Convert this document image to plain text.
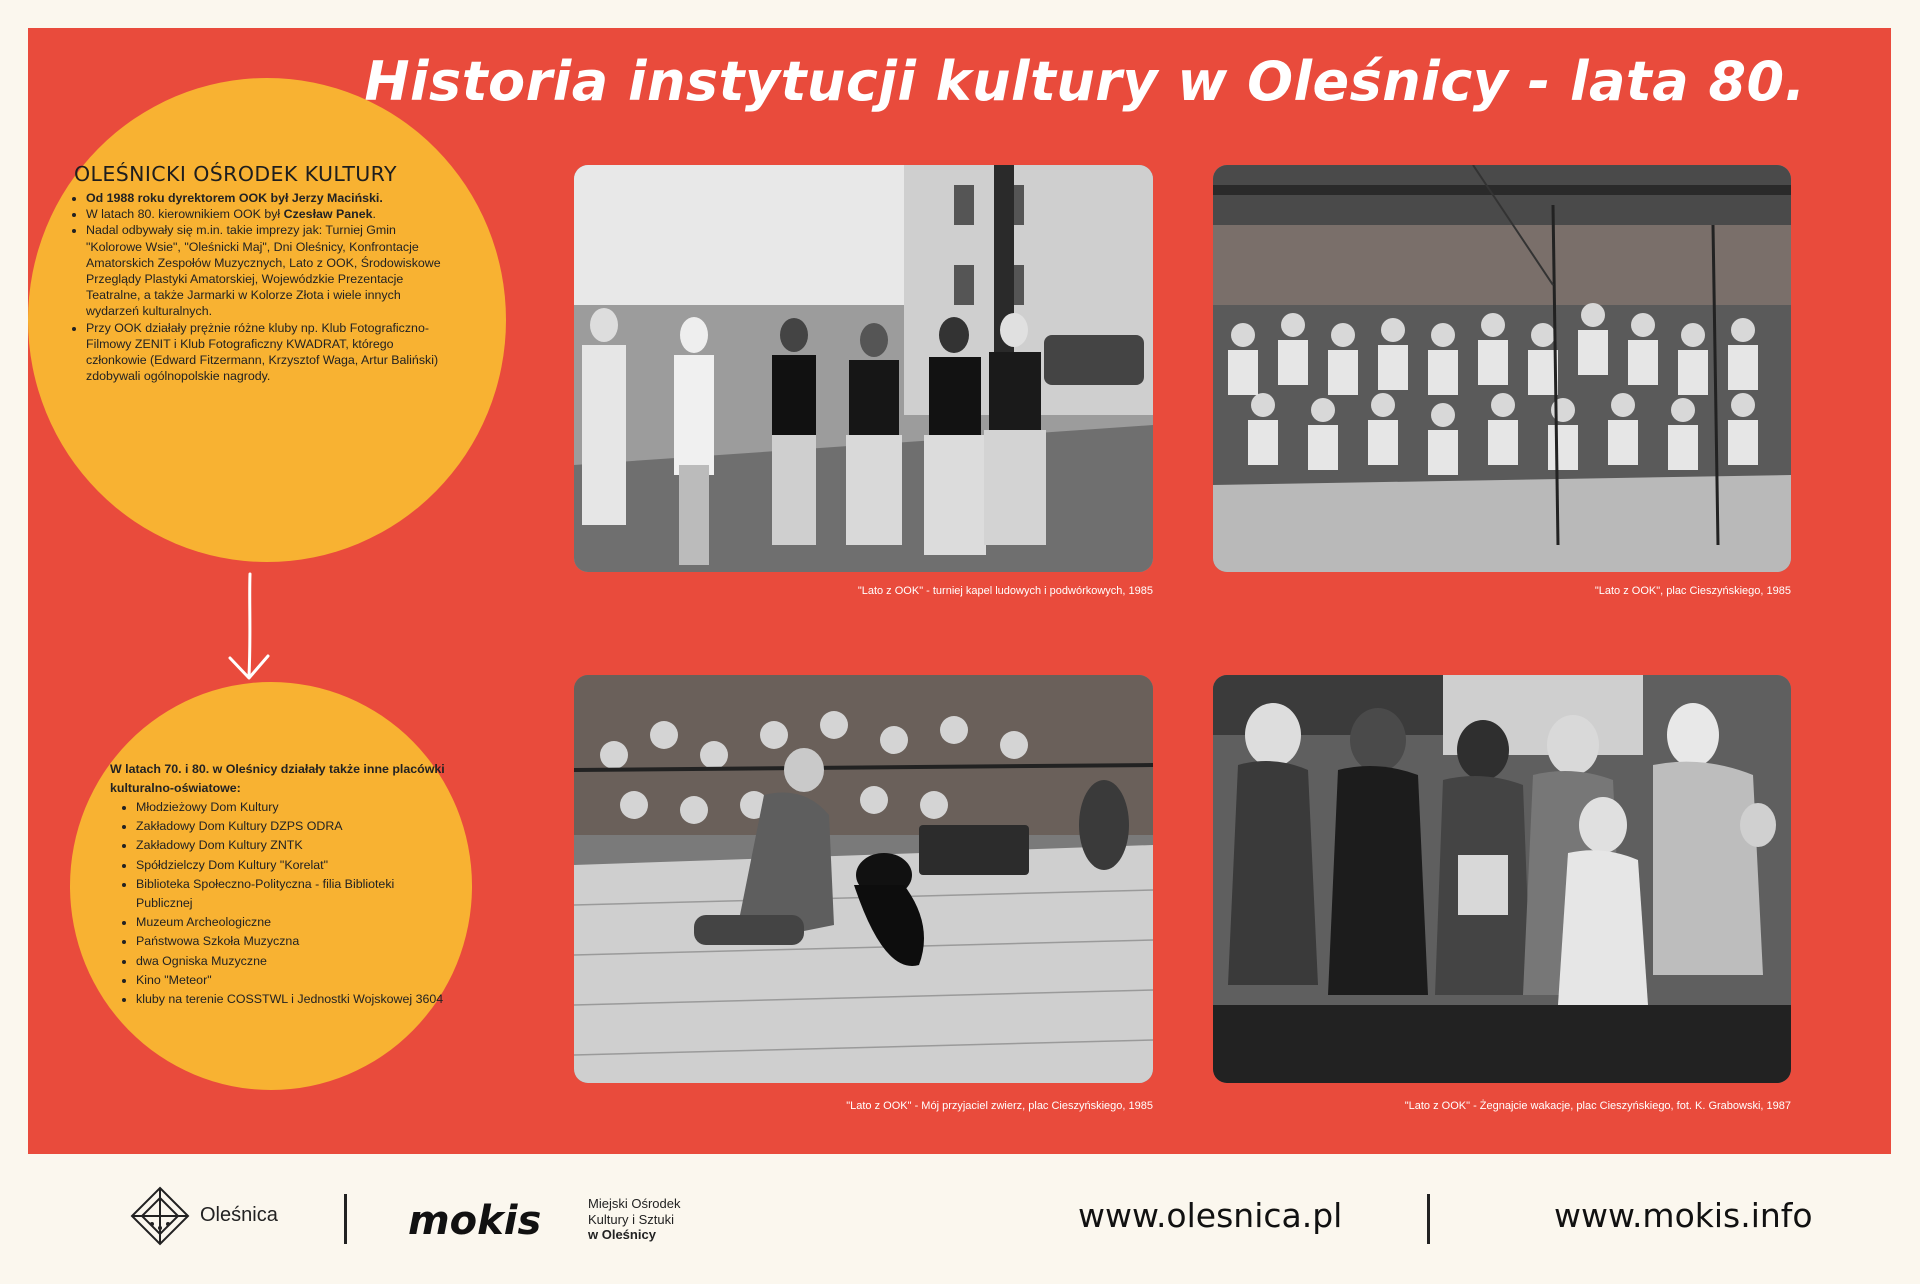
Historia instytucji kultury w Oleśnicy - lata 80.
OLEŚNICKI OŚRODEK KULTURY
• Od 1988 roku dyrektorem OOK był Jerzy Maciński.
• W latach 80. kierownikiem OOK był Czesław Panek.
• Nadal odbywały się m.in. takie imprezy jak: Turniej Gmin "Kolorowe Wsie", "Oleśnicki Maj", Dni Oleśnicy, Konfrontacje Amatorskich Zespołów Muzycznych, Lato z OOK, Środowiskowe Przeglądy Plastyki Amatorskiej, Wojewódzkie Prezentacje Teatralne, a także Jarmarki w Kolorze Złota i wiele innych wydarzeń kulturalnych.
• Przy OOK działały prężnie różne kluby np. Klub Fotograficzno-Filmowy ZENIT i Klub Fotograficzny KWADRAT, którego członkowie (Edward Fitzermann, Krzysztof Waga, Artur Baliński) zdobywali ogólnopolskie nagrody.
W latach 70. i 80. w Oleśnicy działały także inne placówki kulturalno-oświatowe:
• Młodzieżowy Dom Kultury
• Zakładowy Dom Kultury DZPS ODRA
• Zakładowy Dom Kultury ZNTK
• Spółdzielczy Dom Kultury "Korelat"
• Biblioteka Społeczno-Polityczna - filia Biblioteki Publicznej
• Muzeum Archeologiczne
• Państwowa Szkoła Muzyczna
• dwa Ogniska Muzyczne
• Kino "Meteor"
• kluby na terenie COSSTWL i Jednostki Wojskowej 3604
"Lato z OOK" - turniej kapel ludowych i podwórkowych, 1985	"Lato z OOK", plac Cieszyńskiego, 1985
"Lato z OOK" - Mój przyjaciel zwierz, plac Cieszyńskiego, 1985	"Lato z OOK" - Żegnajcie wakacje, plac Cieszyńskiego, fot. K. Grabowski, 1987
Oleśnica	mokis	Miejski Ośrodek
Kultury i Sztuki
w Oleśnicy	www.olesnica.pl	www.mokis.info
